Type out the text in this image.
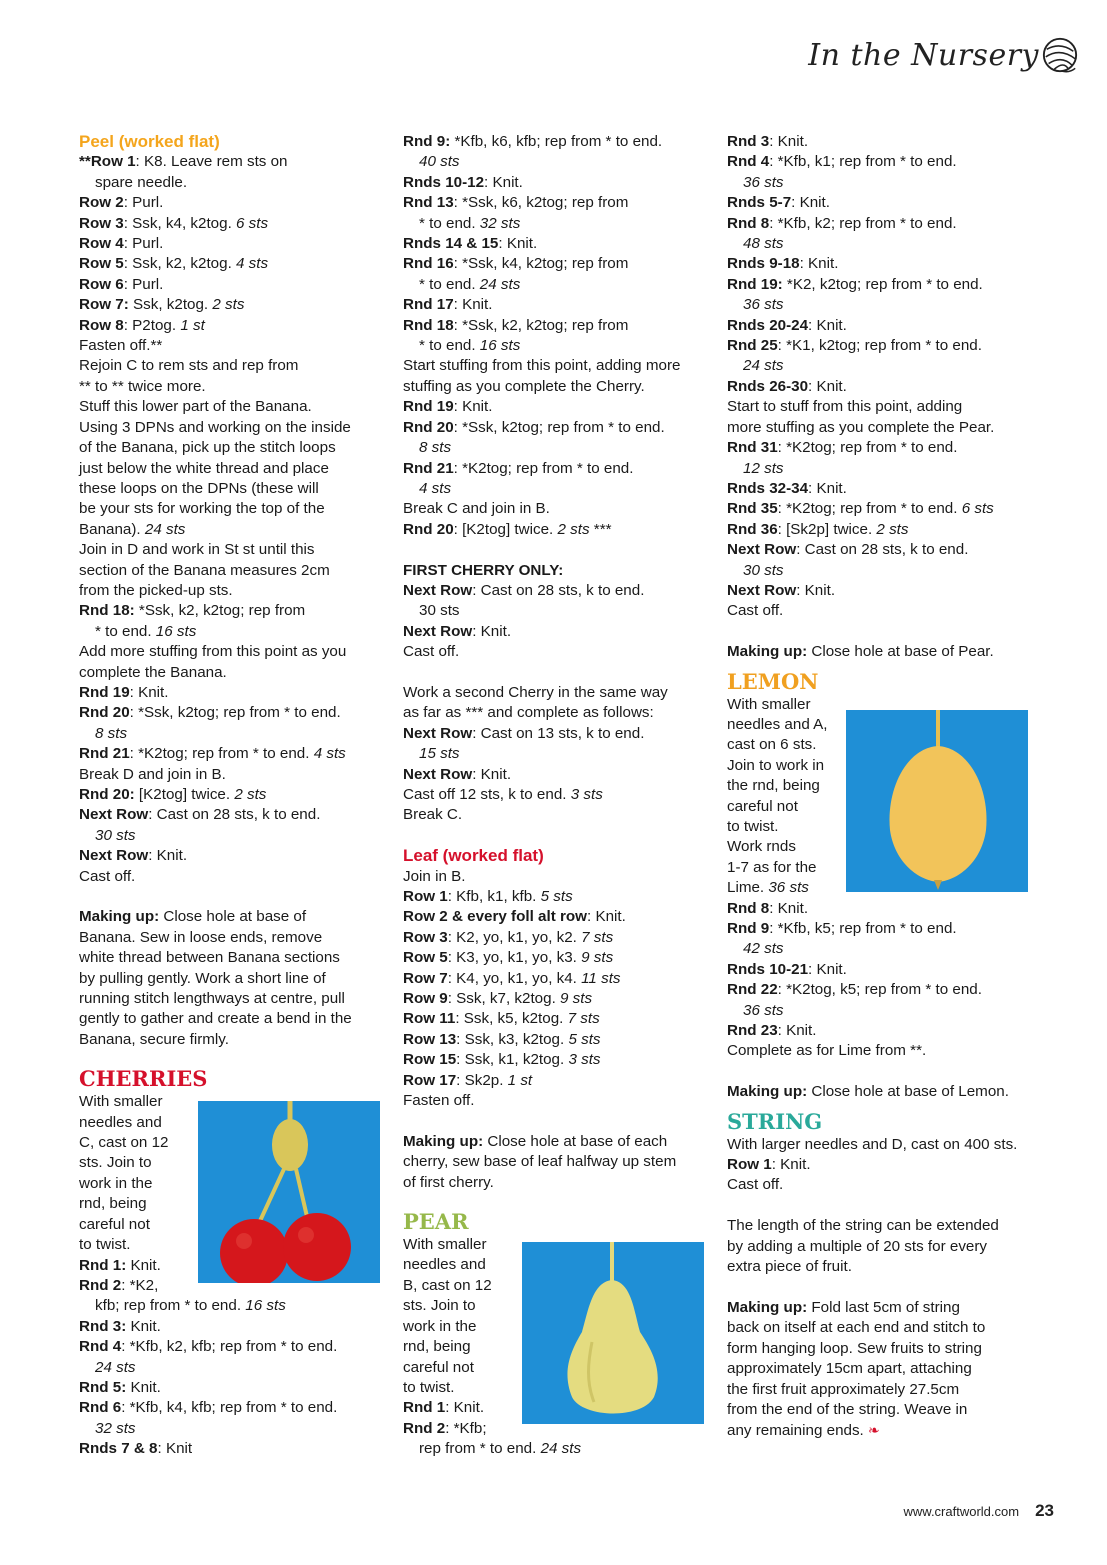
In the Nursery
Peel (worked flat)
**Row 1: K8. Leave rem sts on
spare needle.
Row 2: Purl.
Row 3: Ssk, k4, k2tog. 6 sts
Row 4: Purl.
Row 5: Ssk, k2, k2tog. 4 sts
Row 6: Purl.
Row 7: Ssk, k2tog. 2 sts
Row 8: P2tog. 1 st
Fasten off.**
Rejoin C to rem sts and rep from
** to ** twice more.
Stuff this lower part of the Banana.
Using 3 DPNs and working on the inside
of the Banana, pick up the stitch loops
just below the white thread and place
these loops on the DPNs (these will
be your sts for working the top of the
Banana). 24 sts
Join in D and work in St st until this
section of the Banana measures 2cm
from the picked-up sts.
Rnd 18: *Ssk, k2, k2tog; rep from
* to end. 16 sts
Add more stuffing from this point as you
complete the Banana.
Rnd 19: Knit.
Rnd 20: *Ssk, k2tog; rep from * to end.
8 sts
Rnd 21: *K2tog; rep from * to end. 4 sts
Break D and join in B.
Rnd 20: [K2tog] twice. 2 sts
Next Row: Cast on 28 sts, k to end.
30 sts
Next Row: Knit.
Cast off.
Making up: Close hole at base of
Banana. Sew in loose ends, remove
white thread between Banana sections
by pulling gently. Work a short line of
running stitch lengthways at centre, pull
gently to gather and create a bend in the
Banana, secure firmly.
CHERRIES
With smaller
needles and
C, cast on 12
sts. Join to
work in the
rnd, being
careful not
to twist.
Rnd 1: Knit.
Rnd 2: *K2,
kfb; rep from * to end. 16 sts
Rnd 3: Knit.
Rnd 4: *Kfb, k2, kfb; rep from * to end.
24 sts
Rnd 5: Knit.
Rnd 6: *Kfb, k4, kfb; rep from * to end.
32 sts
Rnds 7 & 8: Knit
Rnd 9: *Kfb, k6, kfb; rep from * to end.
40 sts
Rnds 10-12: Knit.
Rnd 13: *Ssk, k6, k2tog; rep from
* to end. 32 sts
Rnds 14 & 15: Knit.
Rnd 16: *Ssk, k4, k2tog; rep from
* to end. 24 sts
Rnd 17: Knit.
Rnd 18: *Ssk, k2, k2tog; rep from
* to end. 16 sts
Start stuffing from this point, adding more
stuffing as you complete the Cherry.
Rnd 19: Knit.
Rnd 20: *Ssk, k2tog; rep from * to end.
8 sts
Rnd 21: *K2tog; rep from * to end.
4 sts
Break C and join in B.
Rnd 20: [K2tog] twice. 2 sts ***
FIRST CHERRY ONLY:
Next Row: Cast on 28 sts, k to end.
30 sts
Next Row: Knit.
Cast off.
Work a second Cherry in the same way
as far as *** and complete as follows:
Next Row: Cast on 13 sts, k to end.
15 sts
Next Row: Knit.
Cast off 12 sts, k to end. 3 sts
Break C.
Leaf (worked flat)
Join in B.
Row 1: Kfb, k1, kfb. 5 sts
Row 2 & every foll alt row: Knit.
Row 3: K2, yo, k1, yo, k2. 7 sts
Row 5: K3, yo, k1, yo, k3. 9 sts
Row 7: K4, yo, k1, yo, k4. 11 sts
Row 9: Ssk, k7, k2tog. 9 sts
Row 11: Ssk, k5, k2tog. 7 sts
Row 13: Ssk, k3, k2tog. 5 sts
Row 15: Ssk, k1, k2tog. 3 sts
Row 17: Sk2p. 1 st
Fasten off.
Making up: Close hole at base of each
cherry, sew base of leaf halfway up stem
of first cherry.
PEAR
With smaller
needles and
B, cast on 12
sts. Join to
work in the
rnd, being
careful not
to twist.
Rnd 1: Knit.
Rnd 2: *Kfb;
rep from * to end. 24 sts
Rnd 3: Knit.
Rnd 4: *Kfb, k1; rep from * to end.
36 sts
Rnds 5-7: Knit.
Rnd 8: *Kfb, k2; rep from * to end.
48 sts
Rnds 9-18: Knit.
Rnd 19: *K2, k2tog; rep from * to end.
36 sts
Rnds 20-24: Knit.
Rnd 25: *K1, k2tog; rep from * to end.
24 sts
Rnds 26-30: Knit.
Start to stuff from this point, adding
more stuffing as you complete the Pear.
Rnd 31: *K2tog; rep from * to end.
12 sts
Rnds 32-34: Knit.
Rnd 35: *K2tog; rep from * to end. 6 sts
Rnd 36: [Sk2p] twice. 2 sts
Next Row: Cast on 28 sts, k to end.
30 sts
Next Row: Knit.
Cast off.
Making up: Close hole at base of Pear.
LEMON
With smaller
needles and A,
cast on 6 sts.
Join to work in
the rnd, being
careful not
to twist.
Work rnds
1-7 as for the
Lime. 36 sts
Rnd 8: Knit.
Rnd 9: *Kfb, k5; rep from * to end.
42 sts
Rnds 10-21: Knit.
Rnd 22: *K2tog, k5; rep from * to end.
36 sts
Rnd 23: Knit.
Complete as for Lime from **.
Making up: Close hole at base of Lemon.
STRING
With larger needles and D, cast on 400 sts.
Row 1: Knit.
Cast off.
The length of the string can be extended
by adding a multiple of 20 sts for every
extra piece of fruit.
Making up: Fold last 5cm of string
back on itself at each end and stitch to
form hanging loop. Sew fruits to string
approximately 15cm apart, attaching
the first fruit approximately 27.5cm
from the end of the string. Weave in
any remaining ends. ❧
www.craftworld.com 23
